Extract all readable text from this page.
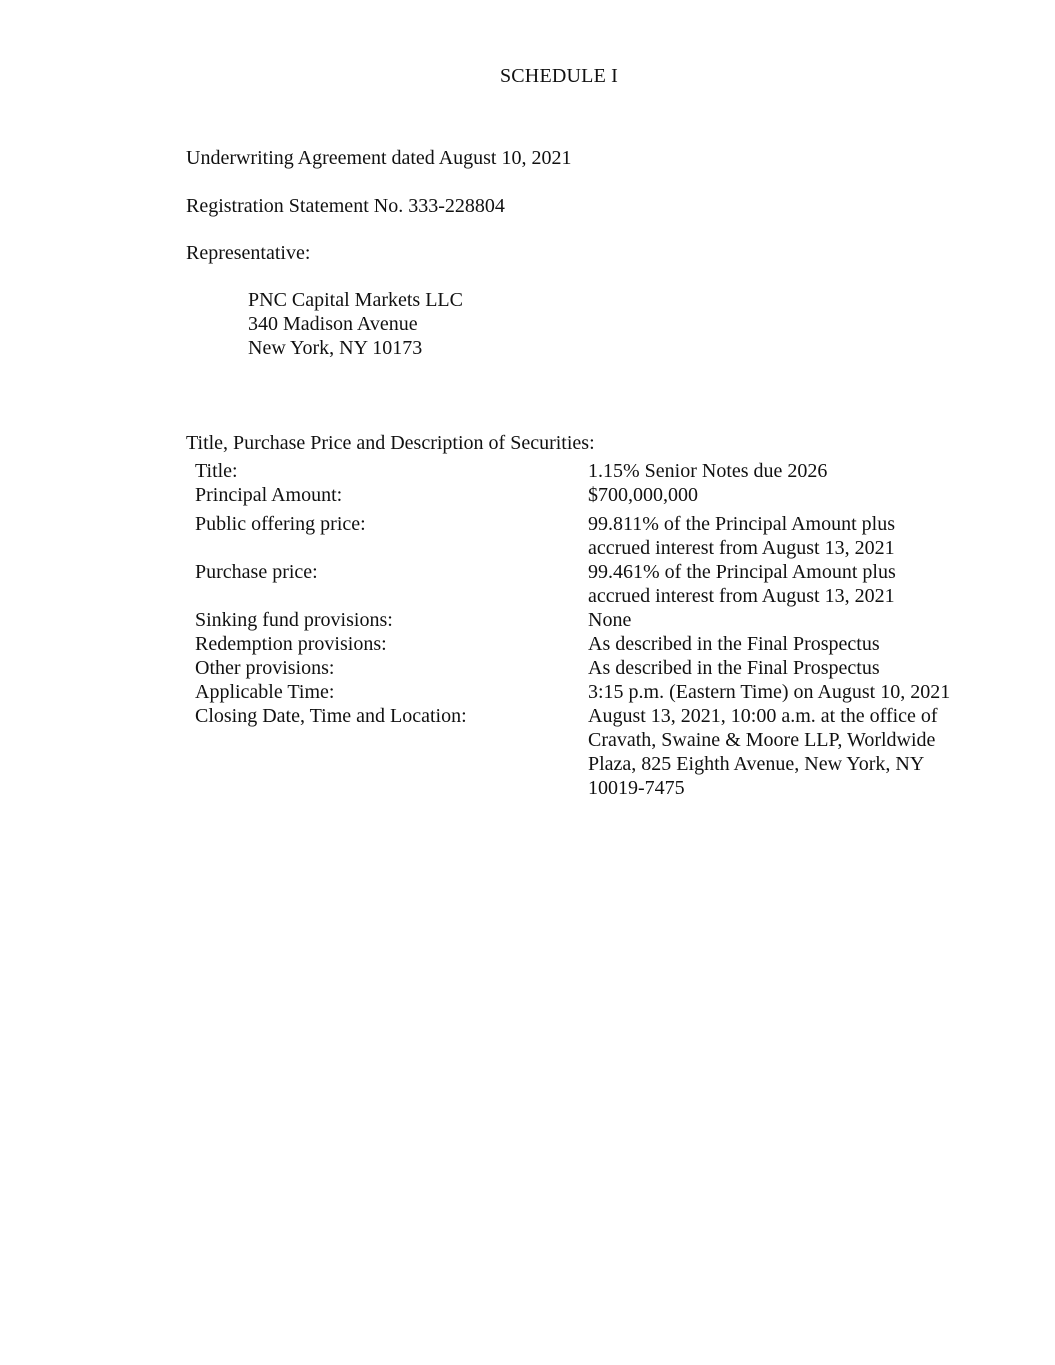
SCHEDULE I
Underwriting Agreement dated August 10, 2021
Registration Statement No. 333-228804
Representative:
PNC Capital Markets LLC
340 Madison Avenue
New York, NY 10173
Title, Purchase Price and Description of Securities:
Title:	1.15% Senior Notes due 2026
Principal Amount:	$700,000,000
Public offering price:	99.811% of the Principal Amount plus
accrued interest from August 13, 2021
Purchase price:	99.461% of the Principal Amount plus
accrued interest from August 13, 2021
Sinking fund provisions:	None
Redemption provisions:	As described in the Final Prospectus
Other provisions:	As described in the Final Prospectus
Applicable Time:	3:15 p.m. (Eastern Time) on August 10, 2021
Closing Date, Time and Location:	August 13, 2021, 10:00 a.m. at the office of
Cravath, Swaine & Moore LLP, Worldwide
Plaza, 825 Eighth Avenue, New York, NY
10019-7475
